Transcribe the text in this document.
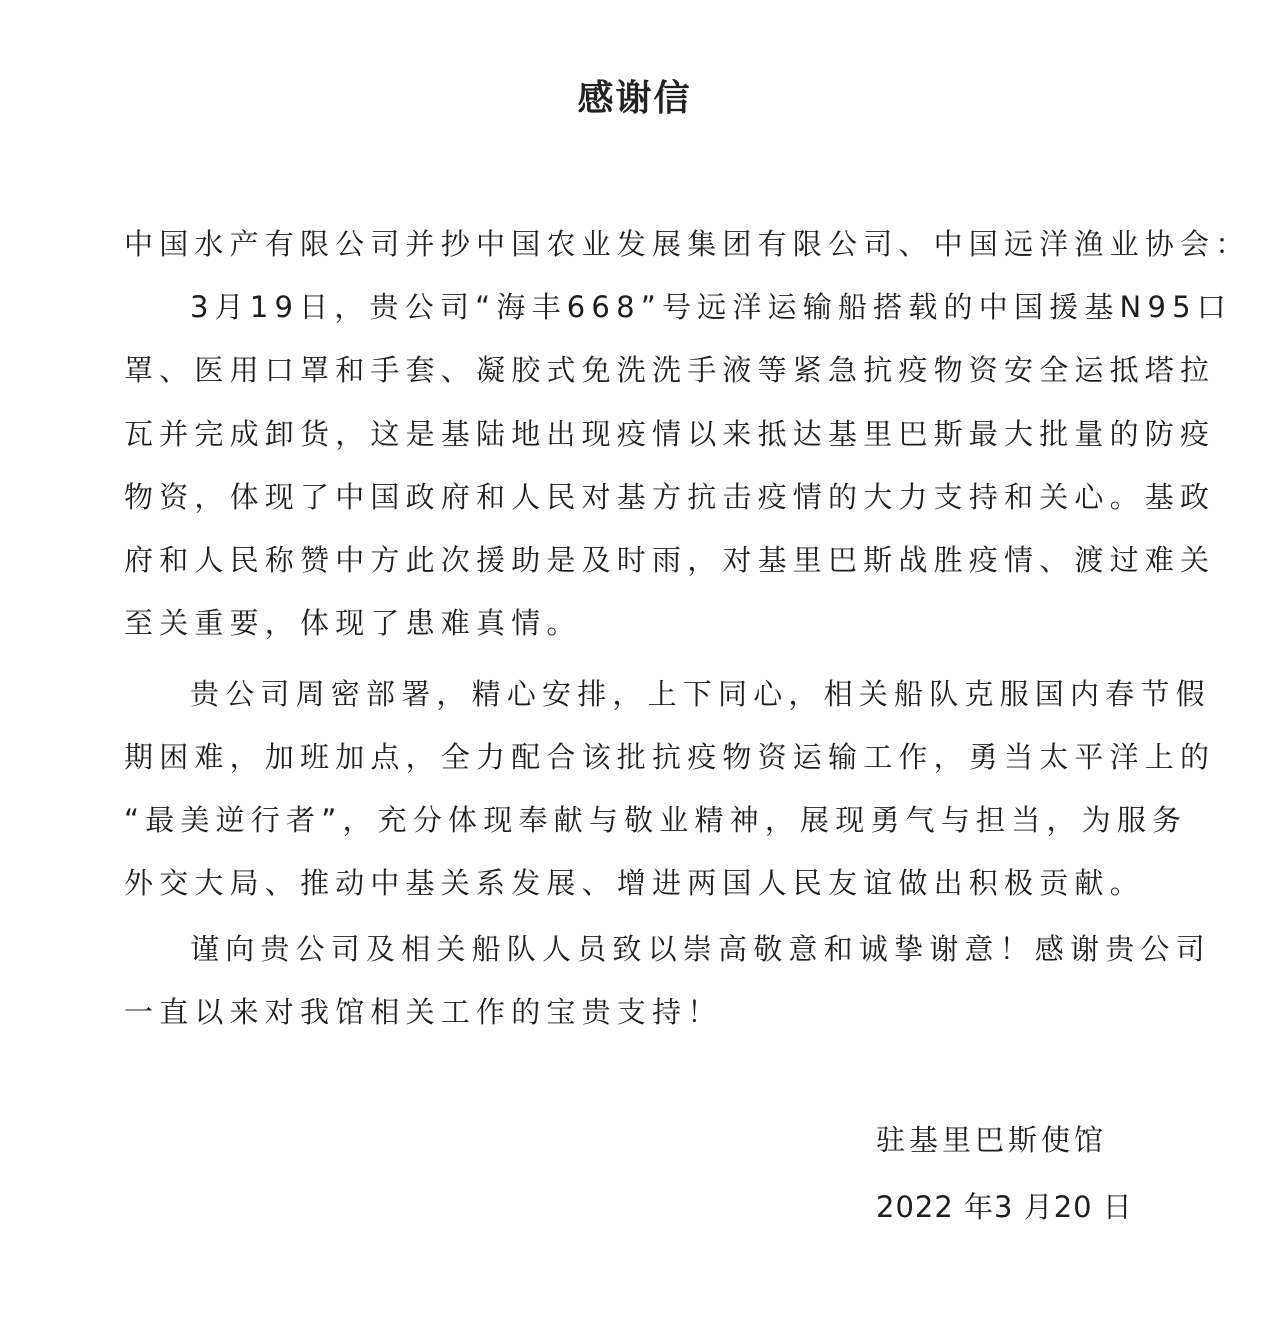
感谢信
中国水产有限公司并抄中国农业发展集团有限公司、中国远洋渔业协会：
3月19日，贵公司“海丰668”号远洋运输船搭载的中国援基N95口
罩、医用口罩和手套、凝胶式免洗洗手液等紧急抗疫物资安全运抵塔拉
瓦并完成卸货，这是基陆地出现疫情以来抵达基里巴斯最大批量的防疫
物资，体现了中国政府和人民对基方抗击疫情的大力支持和关心。基政
府和人民称赞中方此次援助是及时雨，对基里巴斯战胜疫情、渡过难关
至关重要，体现了患难真情。
贵公司周密部署，精心安排，上下同心，相关船队克服国内春节假
期困难，加班加点，全力配合该批抗疫物资运输工作，勇当太平洋上的
“最美逆行者”，充分体现奉献与敬业精神，展现勇气与担当，为服务
外交大局、推动中基关系发展、增进两国人民友谊做出积极贡献。
谨向贵公司及相关船队人员致以崇高敬意和诚挚谢意！感谢贵公司
一直以来对我馆相关工作的宝贵支持！
驻基里巴斯使馆
2022 年3 月20 日
